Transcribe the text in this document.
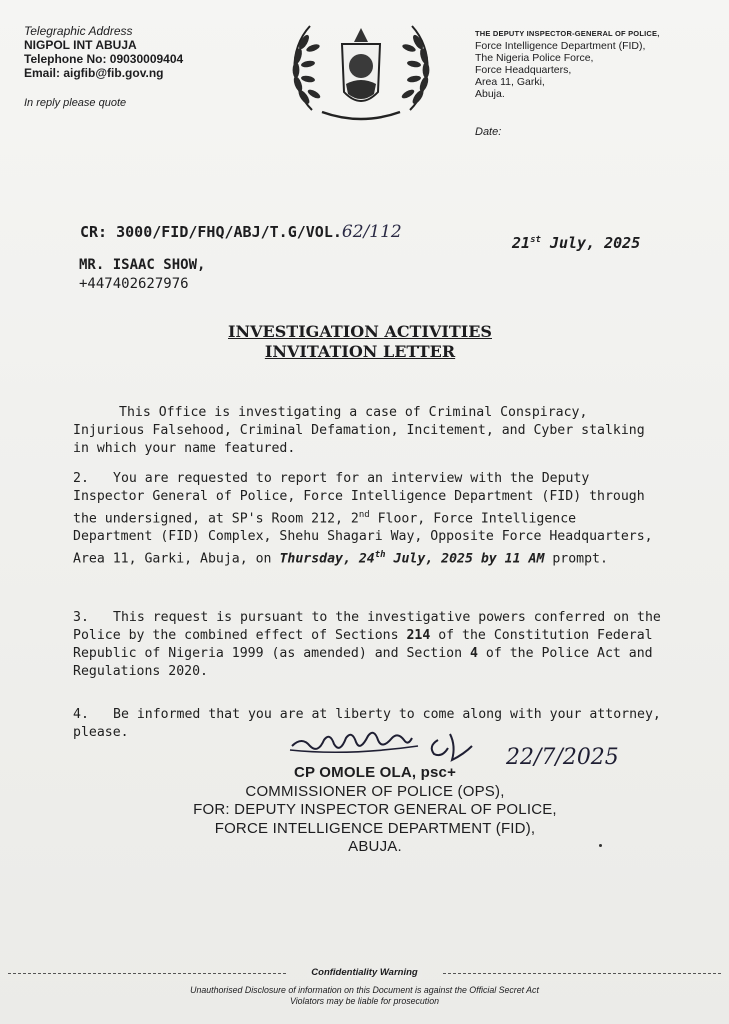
Telegraphic Address
NIGPOL INT ABUJA
Telephone No: 09030009404
Email: aigfib@fib.gov.ng
In reply please quote
THE DEPUTY INSPECTOR-GENERAL OF POLICE,
Force Intelligence Department (FID),
The Nigeria Police Force,
Force Headquarters,
Area 11, Garki,
Abuja.
Date:
CR: 3000/FID/FHQ/ABJ/T.G/VOL.62/112
21st July, 2025
MR. ISAAC SHOW,
+447402627976
INVESTIGATION ACTIVITIES
INVITATION LETTER
This Office is investigating a case of Criminal Conspiracy, Injurious Falsehood, Criminal Defamation, Incitement, and Cyber stalking in which your name featured.
2. You are requested to report for an interview with the Deputy Inspector General of Police, Force Intelligence Department (FID) through the undersigned, at SP's Room 212, 2nd Floor, Force Intelligence Department (FID) Complex, Shehu Shagari Way, Opposite Force Headquarters, Area 11, Garki, Abuja, on Thursday, 24th July, 2025 by 11 AM prompt.
3. This request is pursuant to the investigative powers conferred on the Police by the combined effect of Sections 214 of the Constitution Federal Republic of Nigeria 1999 (as amended) and Section 4 of the Police Act and Regulations 2020.
4. Be informed that you are at liberty to come along with your attorney, please.
22/7/2025
CP OMOLE OLA, psc+
COMMISSIONER OF POLICE (OPS),
FOR: DEPUTY INSPECTOR GENERAL OF POLICE,
FORCE INTELLIGENCE DEPARTMENT (FID),
ABUJA.
Confidentiality Warning
Unauthorised Disclosure of information on this Document is against the Official Secret Act
Violators may be liable for prosecution
